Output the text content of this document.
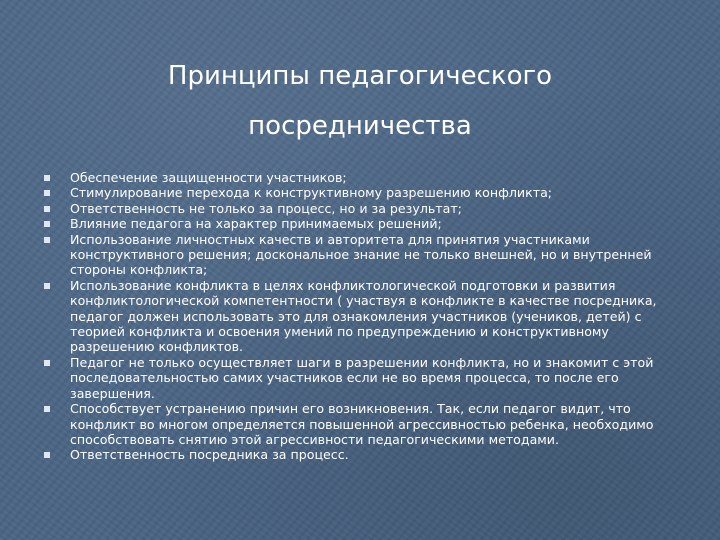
Принципы педагогического
посредничества
Обеспечение защищенности участников;
Стимулирование перехода к конструктивному разрешению конфликта;
Ответственность не только за процесс, но и за результат;
Влияние педагога на характер принимаемых решений;
Использование личностных качеств и авторитета для принятия участниками конструктивного решения; доскональное знание не только внешней, но и внутренней стороны конфликта;
Использование конфликта в целях конфликтологической подготовки и развития конфликтологической компетентности ( участвуя в конфликте в качестве посредника, педагог должен использовать это для ознакомления участников (учеников, детей) с теорией конфликта и освоения умений по предупреждению и конструктивному разрешению конфликтов.
Педагог не только осуществляет шаги в разрешении конфликта, но и знакомит с этой последовательностью самих участников если не во время процесса, то после его завершения.
Способствует устранению причин его возникновения. Так, если педагог видит, что конфликт во многом определяется повышенной агрессивностью ребенка, необходимо способствовать снятию этой агрессивности педагогическими методами.
Ответственность посредника за процесс.
